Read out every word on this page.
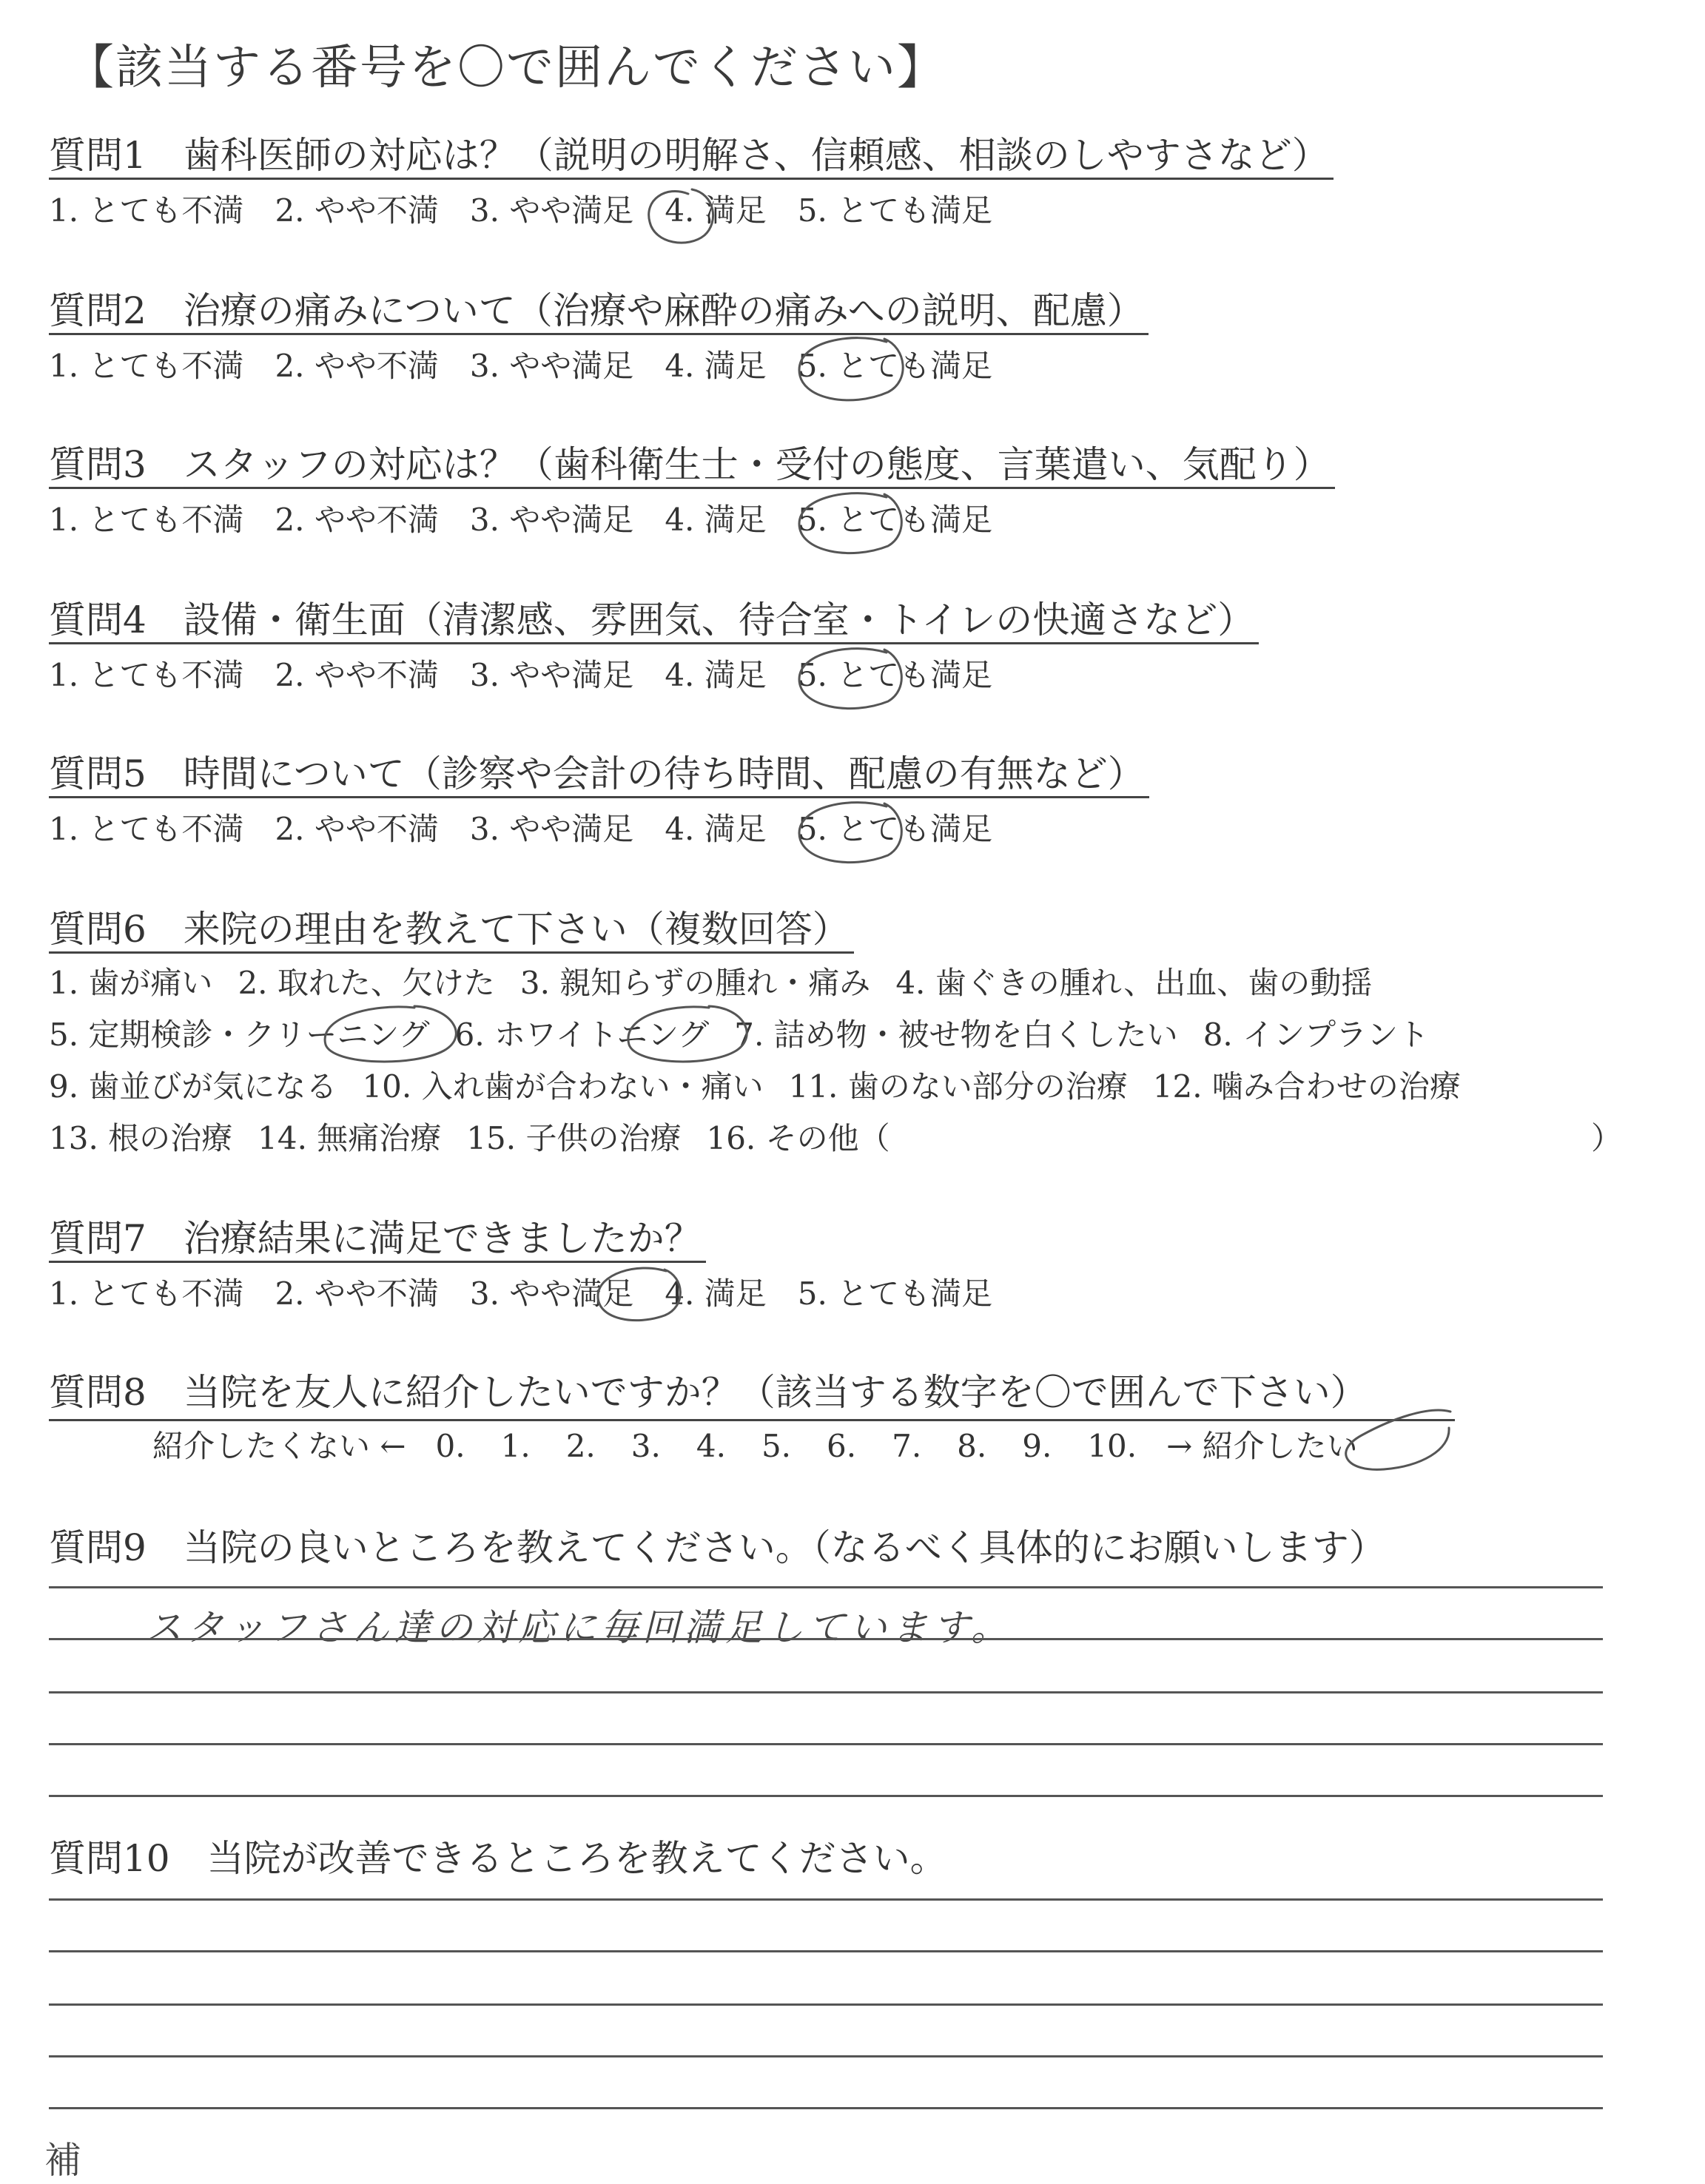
【該当する番号を〇で囲んでください】
質問1　歯科医師の対応は？（説明の明解さ、信頼感、相談のしやすさなど）
1. とても不満 2. やや不満 3. やや満足 4. 満足 5. とても満足
質問2　治療の痛みについて（治療や麻酔の痛みへの説明、配慮）
1. とても不満 2. やや不満 3. やや満足 4. 満足 5. とても満足
質問3　スタッフの対応は？（歯科衛生士・受付の態度、言葉遣い、気配り）
1. とても不満 2. やや不満 3. やや満足 4. 満足 5. とても満足
質問4　設備・衛生面（清潔感、雰囲気、待合室・トイレの快適さなど）
1. とても不満 2. やや不満 3. やや満足 4. 満足 5. とても満足
質問5　時間について（診察や会計の待ち時間、配慮の有無など）
1. とても不満 2. やや不満 3. やや満足 4. 満足 5. とても満足
質問6　来院の理由を教えて下さい（複数回答）
1. 歯が痛い 2. 取れた、欠けた 3. 親知らずの腫れ・痛み 4. 歯ぐきの腫れ、出血、歯の動揺
5. 定期検診・クリーニング 6. ホワイトニング 7. 詰め物・被せ物を白くしたい 8. インプラント
9. 歯並びが気になる 10. 入れ歯が合わない・痛い 11. 歯のない部分の治療 12. 噛み合わせの治療
13. 根の治療 14. 無痛治療 15. 子供の治療 16. その他（	）
質問7　治療結果に満足できましたか？
1. とても不満 2. やや不満 3. やや満足 4. 満足 5. とても満足
質問8　当院を友人に紹介したいですか？（該当する数字を〇で囲んで下さい）
紹介したくない ← 0. 1. 2. 3. 4. 5. 6. 7. 8. 9. 10. → 紹介したい
質問9　当院の良いところを教えてください。（なるべく具体的にお願いします）
スタッフさん達の対応に毎回満足しています。
質問10　当院が改善できるところを教えてください。
補
